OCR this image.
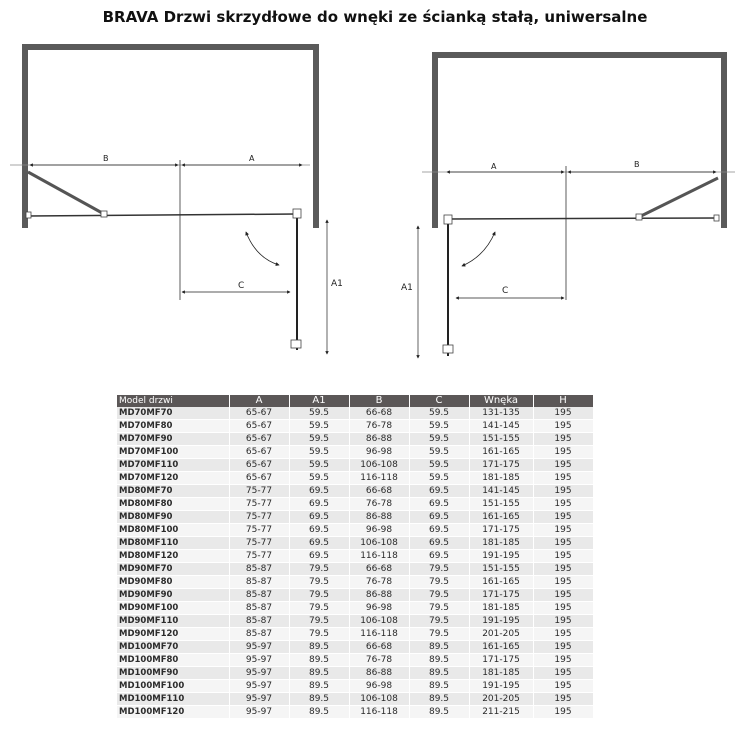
BRAVA Drzwi skrzydłowe do wnęki ze ścianką stałą, uniwersalne
B	A
C	A1
A	B
C
A1
Model drzwi	A	A1	B	C	Wnęka	H
MD70MF70	65-67	59.5	66-68	59.5	131-135	195
MD70MF80	65-67	59.5	76-78	59.5	141-145	195
MD70MF90	65-67	59.5	86-88	59.5	151-155	195
MD70MF100	65-67	59.5	96-98	59.5	161-165	195
MD70MF110	65-67	59.5	106-108	59.5	171-175	195
MD70MF120	65-67	59.5	116-118	59.5	181-185	195
MD80MF70	75-77	69.5	66-68	69.5	141-145	195
MD80MF80	75-77	69.5	76-78	69.5	151-155	195
MD80MF90	75-77	69.5	86-88	69.5	161-165	195
MD80MF100	75-77	69.5	96-98	69.5	171-175	195
MD80MF110	75-77	69.5	106-108	69.5	181-185	195
MD80MF120	75-77	69.5	116-118	69.5	191-195	195
MD90MF70	85-87	79.5	66-68	79.5	151-155	195
MD90MF80	85-87	79.5	76-78	79.5	161-165	195
MD90MF90	85-87	79.5	86-88	79.5	171-175	195
MD90MF100	85-87	79.5	96-98	79.5	181-185	195
MD90MF110	85-87	79.5	106-108	79.5	191-195	195
MD90MF120	85-87	79.5	116-118	79.5	201-205	195
MD100MF70	95-97	89.5	66-68	89.5	161-165	195
MD100MF80	95-97	89.5	76-78	89.5	171-175	195
MD100MF90	95-97	89.5	86-88	89.5	181-185	195
MD100MF100	95-97	89.5	96-98	89.5	191-195	195
MD100MF110	95-97	89.5	106-108	89.5	201-205	195
MD100MF120	95-97	89.5	116-118	89.5	211-215	195
